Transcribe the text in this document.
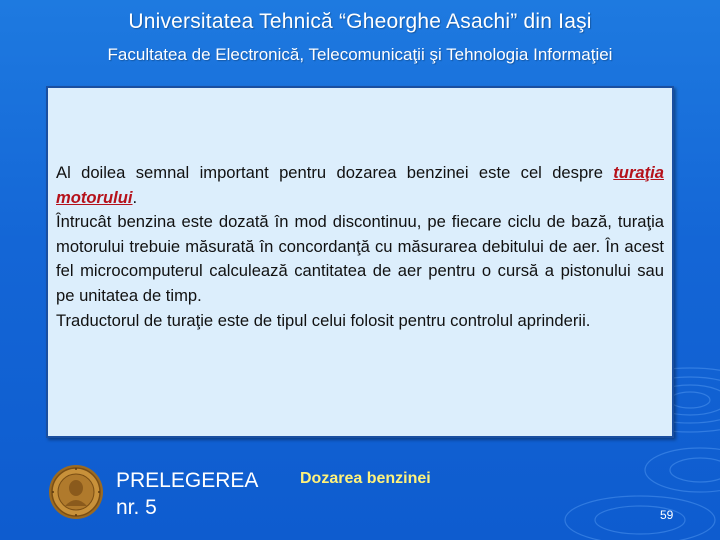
Universitatea Tehnică “Gheorghe Asachi” din Iaşi
Facultatea de Electronică, Telecomunicaţii şi Tehnologia Informaţiei

Al doilea semnal important pentru dozarea benzinei este cel despre turaţia motorului.

Întrucât benzina este dozată în mod discontinuu, pe fiecare ciclu de bază, turaţia motorului trebuie măsurată în concordanţă cu măsurarea debitului de aer. În acest fel microcomputerul calculează cantitatea de aer pentru o cursă a pistonului sau pe unitatea de timp.

Traductorul de turaţie este de tipul celui folosit pentru controlul aprinderii.

PRELEGEREA
nr. 5
Dozarea benzinei
59
